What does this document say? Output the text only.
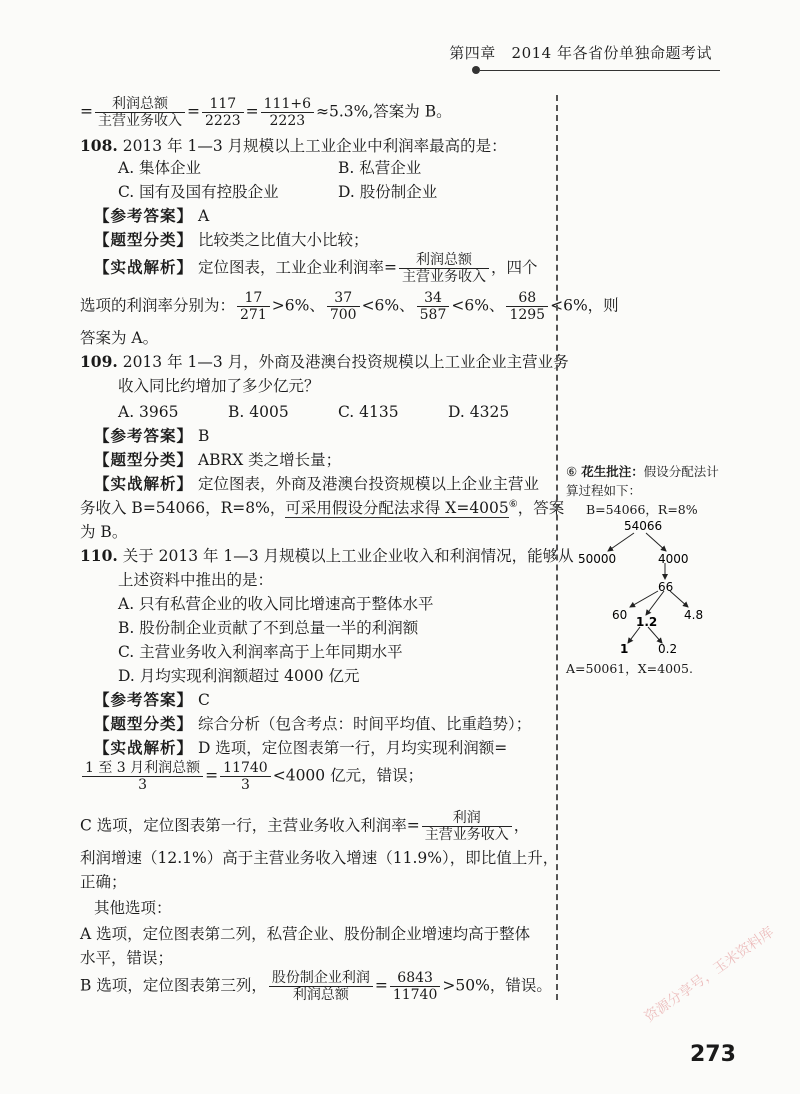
第四章 2014 年各省份单独命题考试
= $\frac{\text{利润总额}}{\text{主营业务收入}} = \frac{117}{2223} = \frac{111+6}{2223} \approx 5.3\%$,答案为 B。
108. 2013 年 1—3 月规模以上工业企业中利润率最高的是：
A. 集体企业	B. 私营企业
C. 国有及国有控股企业	D. 股份制企业
【参考答案】 A
【题型分类】 比较类之比值大小比较；
【实战解析】 定位图表，工业企业利润率= $\frac{\text{利润总额}}{\text{主营业务收入}}$ ，四个
选项的利润率分别为： $\frac{17}{271} >6\%$、 $\frac{37}{700} <6\%$、 $\frac{34}{587} <6\%$、 $\frac{68}{1295} <6\%$，则
答案为 A。
109. 2013 年 1—3 月，外商及港澳台投资规模以上工业企业主营业务
收入同比约增加了多少亿元？
A. 3965	B. 4005	C. 4135	D. 4325
【参考答案】 B
【题型分类】 ABRX 类之增长量；
【实战解析】 定位图表，外商及港澳台投资规模以上企业主营业
务收入 B=54066，R=8%，可采用假设分配法求得 X=4005⑥，答案
为 B。
110. 关于 2013 年 1—3 月规模以上工业企业收入和利润情况，能够从
上述资料中推出的是：
A. 只有私营企业的收入同比增速高于整体水平
B. 股份制企业贡献了不到总量一半的利润额
C. 主营业务收入利润率高于上年同期水平
D. 月均实现利润额超过 4000 亿元
【参考答案】 C
【题型分类】 综合分析（包含考点：时间平均值、比重趋势）；
【实战解析】 D 选项，定位图表第一行，月均实现利润额=
$\frac{\text{1 至 3 月利润总额}}{3} = \frac{11740}{3} <4000$ 亿元，错误；
C 选项，定位图表第一行，主营业务收入利润率= $\frac{\text{利润}}{\text{主营业务收入}}$ ，
利润增速（12.1%）高于主营业务收入增速（11.9%），即比值上升，
正确；
其他选项：
A 选项，定位图表第二列，私营企业、股份制企业增速均高于整体
水平，错误；
B 选项，定位图表第三列， $\frac{\text{股份制企业利润}}{\text{利润总额}} = \frac{6843}{11740} >50\%$，错误。
⑥ 花生批注：假设分配法计
算过程如下：
B=54066，R=8%
54066
50000	4000
66
60 1.2 4.8
1 0.2
A=50061，X=4005.
资源分享号，玉米资料库
273
